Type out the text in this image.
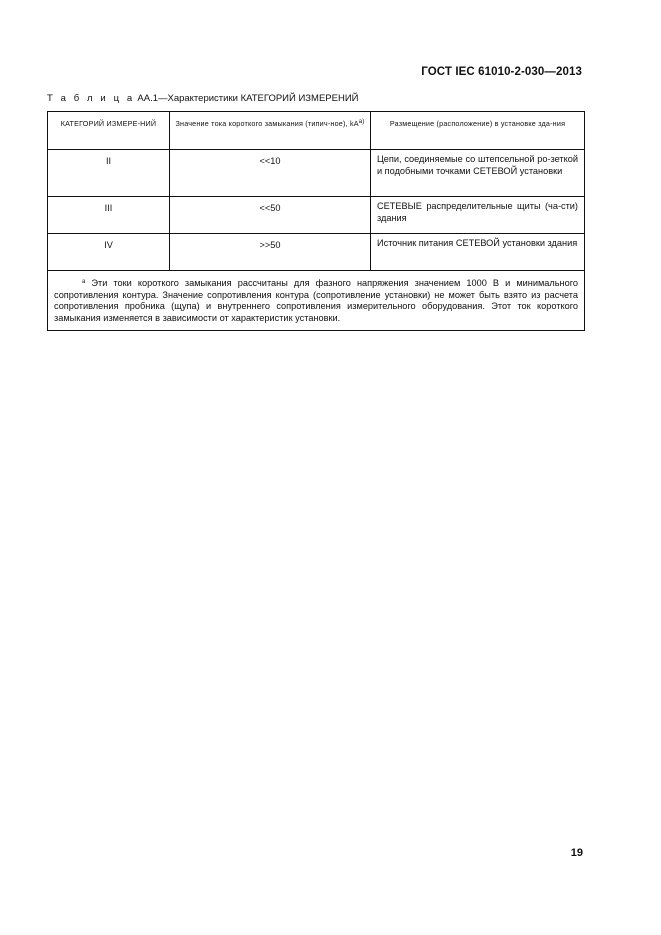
ГОСТ IEC 61010-2-030—2013
Т а б л и ц а АА.1—Характеристики КАТЕГОРИЙ ИЗМЕРЕНИЙ
КАТЕГОРИЙ ИЗМЕРЕ-НИЙ	Значение тока короткого замыкания (типич-ное), $kA^{а)}$	Размещение (расположение) в установке зда-ния
II	<<10	Цепи, соединяемые со штепсельной ро-зеткой и подобными точками СЕТЕВОЙ установки
III	<<50	СЕТЕВЫЕ распределительные щиты (ча-сти) здания
IV	>>50	Источник питания СЕТЕВОЙ установки здания
$^а$ Эти токи короткого замыкания рассчитаны для фазного напряжения значением 1000 В и минимального сопротивления контура. Значение сопротивления контура (сопротивление установки) не может быть взято из расчета сопротивления пробника (щупа) и внутреннего сопротивления измерительного оборудования. Этот ток короткого замыкания изменяется в зависимости от характеристик установки.		
19
